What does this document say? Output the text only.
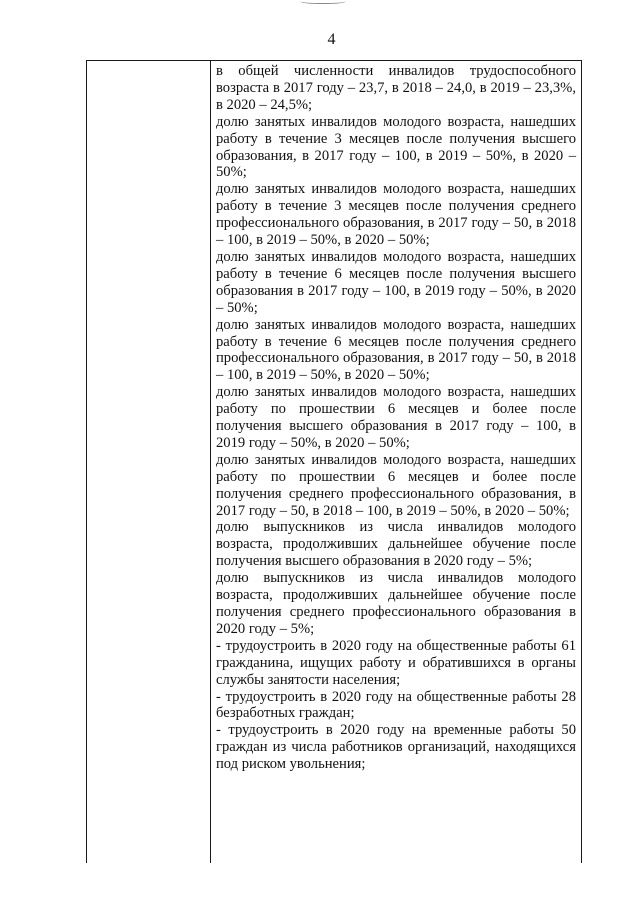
4

в общей численности инвалидов трудоспособного возраста в 2017 году – 23,7, в 2018 – 24,0, в 2019 – 23,3%, в 2020 – 24,5%;

долю занятых инвалидов молодого возраста, нашедших работу в течение 3 месяцев после получения высшего образования, в 2017 году – 100, в 2019 – 50%, в 2020 – 50%;

долю занятых инвалидов молодого возраста, нашедших работу в течение 3 месяцев после получения среднего профессионального образования, в 2017 году – 50, в 2018 – 100, в 2019 – 50%, в 2020 – 50%;

долю занятых инвалидов молодого возраста, нашедших работу в течение 6 месяцев после получения высшего образования в 2017 году – 100, в 2019 году – 50%, в 2020 – 50%;

долю занятых инвалидов молодого возраста, нашедших работу в течение 6 месяцев после получения среднего профессионального образования, в 2017 году – 50, в 2018 – 100, в 2019 – 50%, в 2020 – 50%;

долю занятых инвалидов молодого возраста, нашедших работу по прошествии 6 месяцев и более после получения высшего образования в 2017 году – 100, в 2019 году – 50%, в 2020 – 50%;

долю занятых инвалидов молодого возраста, нашедших работу по прошествии 6 месяцев и более после получения среднего профессионального образования, в 2017 году – 50, в 2018 – 100, в 2019 – 50%, в 2020 – 50%;

долю выпускников из числа инвалидов молодого возраста, продолживших дальнейшее обучение после получения высшего образования в 2020 году – 5%;

долю выпускников из числа инвалидов молодого возраста, продолживших дальнейшее обучение после получения среднего профессионального образования в 2020 году – 5%;

- трудоустроить в 2020 году на общественные работы 61 гражданина, ищущих работу и обратившихся в органы службы занятости населения;

- трудоустроить в 2020 году на общественные работы 28 безработных граждан;

- трудоустроить в 2020 году на временные работы 50 граждан из числа работников организаций, находящихся под риском увольнения;
